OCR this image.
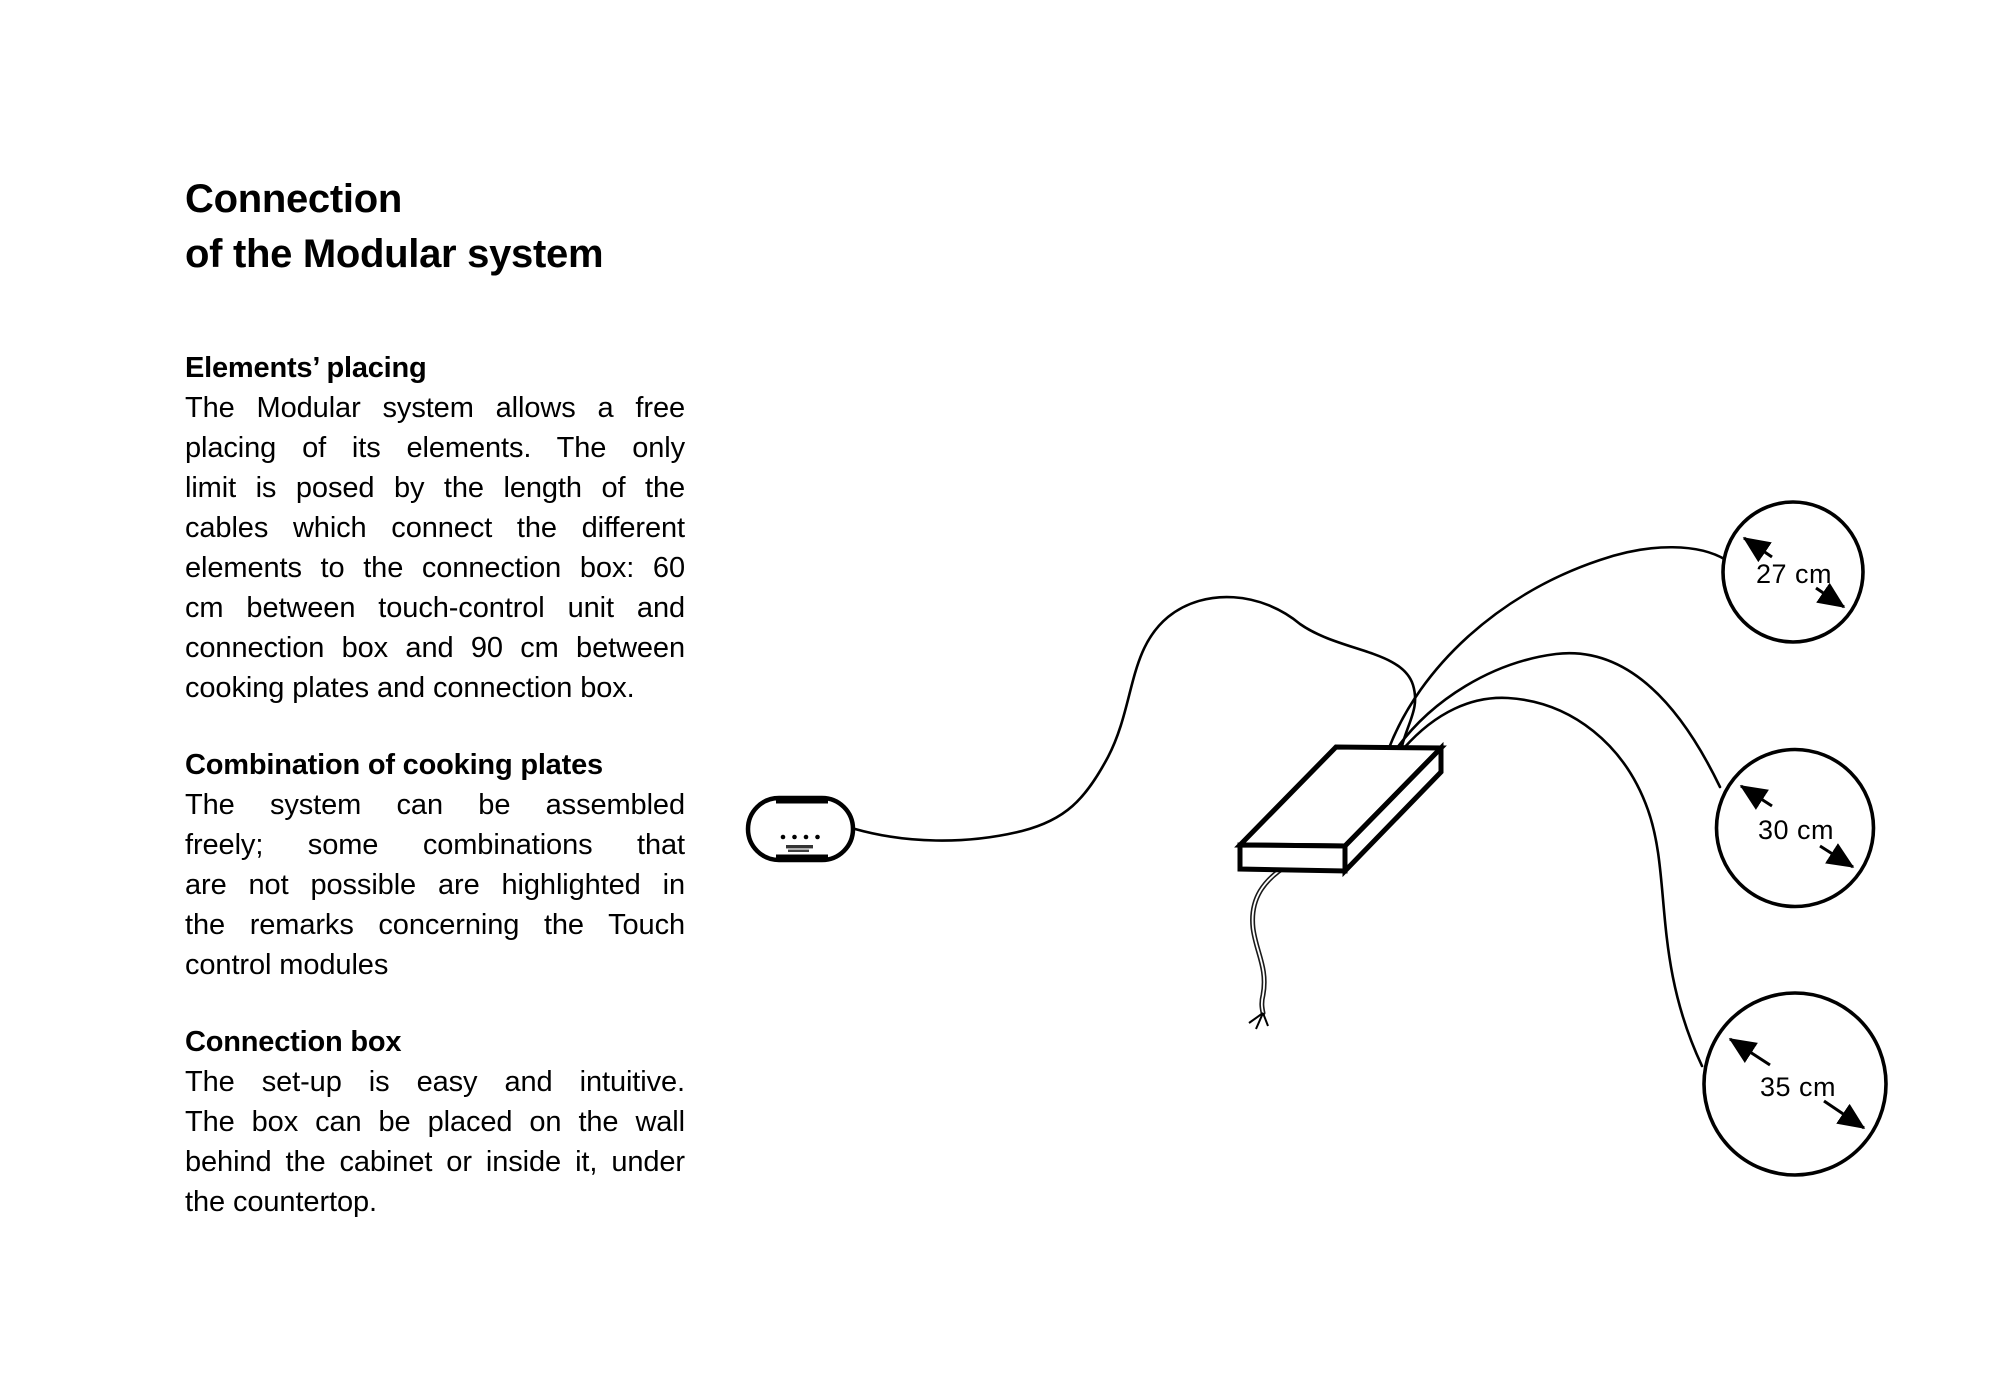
Connection
of the Modular system
Elements’ placing
The Modular system allows a free
placing of its elements. The only
limit is posed by the length of the
cables which connect the different
elements to the connection box: 60
cm between touch-control unit and
connection box and 90 cm between
cooking plates and connection box.
Combination of cooking plates
The system can be assembled
freely; some combinations that
are not possible are highlighted in
the remarks concerning the Touch
control modules
Connection box
The set-up is easy and intuitive.
The box can be placed on the wall
behind the cabinet or inside it, under
the countertop.
27 cm
30 cm
35 cm
